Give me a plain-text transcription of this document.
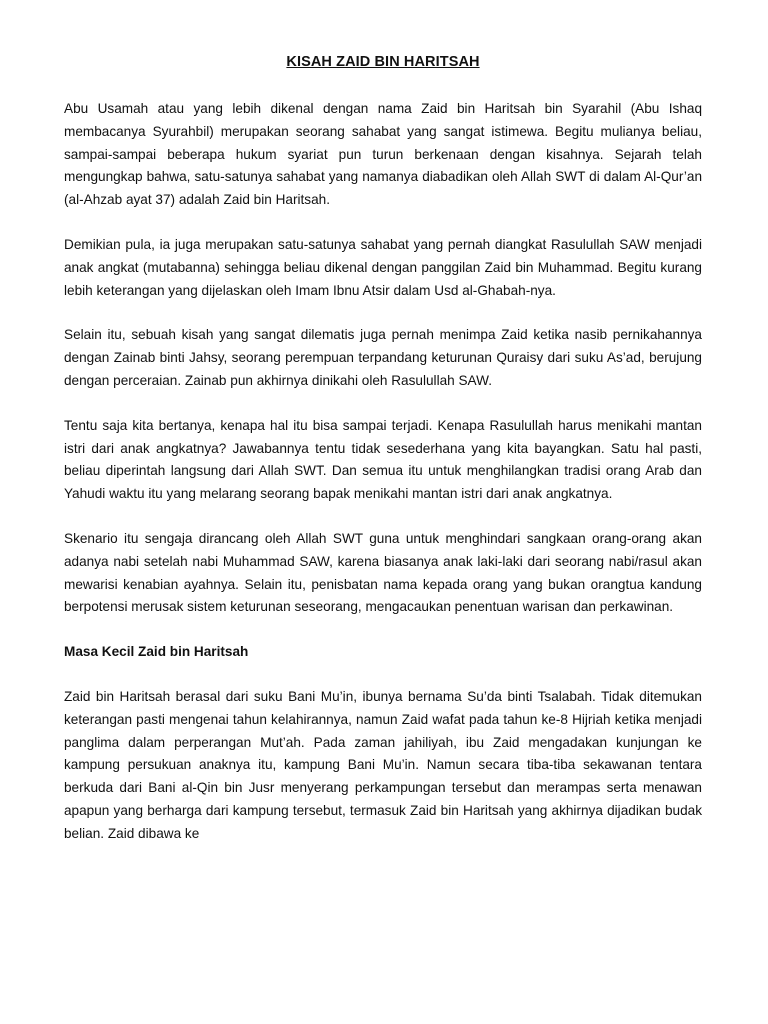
KISAH ZAID BIN HARITSAH

Abu Usamah atau yang lebih dikenal dengan nama Zaid bin Haritsah bin Syarahil (Abu Ishaq membacanya Syurahbil) merupakan seorang sahabat yang sangat istimewa. Begitu mulianya beliau, sampai-sampai beberapa hukum syariat pun turun berkenaan dengan kisahnya. Sejarah telah mengungkap bahwa, satu-satunya sahabat yang namanya diabadikan oleh Allah SWT di dalam Al-Qur’an (al-Ahzab ayat 37) adalah Zaid bin Haritsah.

Demikian pula, ia juga merupakan satu-satunya sahabat yang pernah diangkat Rasulullah SAW menjadi anak angkat (mutabanna) sehingga beliau dikenal dengan panggilan Zaid bin Muhammad. Begitu kurang lebih keterangan yang dijelaskan oleh Imam Ibnu Atsir dalam Usd al-Ghabah-nya.

Selain itu, sebuah kisah yang sangat dilematis juga pernah menimpa Zaid ketika nasib pernikahannya dengan Zainab binti Jahsy, seorang perempuan terpandang keturunan Quraisy dari suku As’ad, berujung dengan perceraian. Zainab pun akhirnya dinikahi oleh Rasulullah SAW.

Tentu saja kita bertanya, kenapa hal itu bisa sampai terjadi. Kenapa Rasulullah harus menikahi mantan istri dari anak angkatnya? Jawabannya tentu tidak sesederhana yang kita bayangkan. Satu hal pasti, beliau diperintah langsung dari Allah SWT. Dan semua itu untuk menghilangkan tradisi orang Arab dan Yahudi waktu itu yang melarang seorang bapak menikahi mantan istri dari anak angkatnya.

Skenario itu sengaja dirancang oleh Allah SWT guna untuk menghindari sangkaan orang-orang akan adanya nabi setelah nabi Muhammad SAW, karena biasanya anak laki-laki dari seorang nabi/rasul akan mewarisi kenabian ayahnya. Selain itu, penisbatan nama kepada orang yang bukan orangtua kandung berpotensi merusak sistem keturunan seseorang, mengacaukan penentuan warisan dan perkawinan.

Masa Kecil Zaid bin Haritsah

Zaid bin Haritsah berasal dari suku Bani Mu’in, ibunya bernama Su’da binti Tsalabah. Tidak ditemukan keterangan pasti mengenai tahun kelahirannya, namun Zaid wafat pada tahun ke-8 Hijriah ketika menjadi panglima dalam perperangan Mut’ah. Pada zaman jahiliyah, ibu Zaid mengadakan kunjungan ke kampung persukuan anaknya itu, kampung Bani Mu’in. Namun secara tiba-tiba sekawanan tentara berkuda dari Bani al-Qin bin Jusr menyerang perkampungan tersebut dan merampas serta menawan apapun yang berharga dari kampung tersebut, termasuk Zaid bin Haritsah yang akhirnya dijadikan budak belian. Zaid dibawa ke
